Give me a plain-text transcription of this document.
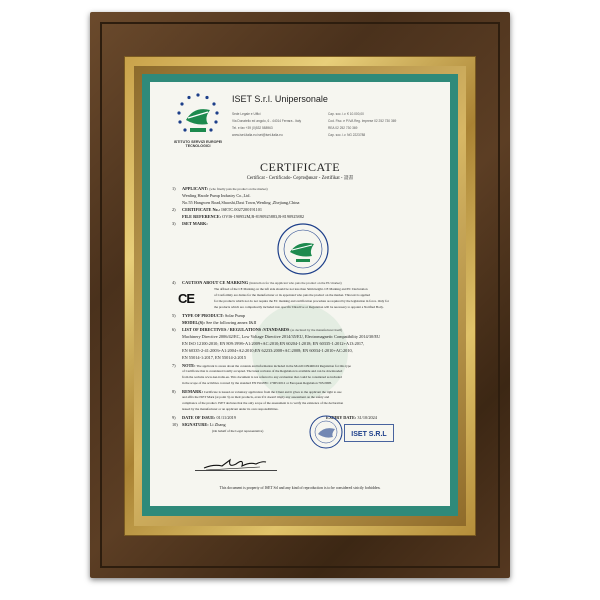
ISTITUTO SERVIZI EUROPEI TECNOLOGICI
ISET S.r.l. Unipersonale
Sede Legale e Uffici
Via Donatello ed angolo, 6 - 44014 Ferrara - Italy
Tel. e fax +39 (0)532 588963
www.iset-italia.eu iset@iset-italia.eu
Cap. soc. i.v. € 10.000,00
Cod. Fisc. e P.IVA Reg. Imprese 02 252 730 369
REA 02 252 730 369
Cap. soc. i.v. NG 2223788
CERTIFICATE
Certificat - Certificado- Сертификат - Zertifikat - 證書
1) APPLICANT: (who finally puts the product on the market)
Wenling Haode Pump Industry Co.,Ltd.
No.55 Hangwen Road,Shaoshi,Daxi Town,Wenling ,Zhejiang,China
2) CERTIFICATE No.: ISETC.0027200191101
FILE REFERENCE: OVIS-190952M,B-8190925883,B-8190925882
3) ISET MARK:
4) CAUTION ABOUT CE MARKING (Instruction for the Applicant who puts the product on the EU market)
CE
The affixed of the CE Marking on the left side should be not less than 5mm height. CE Marking and EC Declaration
of Conformity are duties for the manufacturer or its appointed who puts the product on the market. This text is applied
for the products which not do not require the EC marking and certification procedure as required by the legislation in force. Only for
the products which are compulsorily included into specific Directive or Regulation will be necessary to appoint a Notified Body.
5) TYPE OF PRODUCT: Solar Pump
MODEL(S): See the following annex I&II
6) LIST OF DIRECTIVES / REGULATIONS /STANDARDS (as declared by the manufacturer itself)
Machinery Directive 2006/42/EC, Low Voltage Directive 2014/35/EU, Electromagnetic Compatibility 2014/30/EU
EN ISO 12100:2010; EN 809:1998+A1:2009+AC:2010;EN 60204-1:2018; EN 60335-1:2012+A13:2017,
EN 60335-2-41:2003+A1:2004+A2:2010;EN 62233:2008+AC:2008; EN 60034-1:2010+AC:2010,
EN 55014-1:2017, EN 55014-2:2015
7) NOTE: The applicant is aware about the contents and information included in the Mod.ICON4R6.04 Regulation for this type
of Certificate that is considered totally accepted. The latest revision of the Regulation is available and can be downloaded
from the website www.iset-italia.eu. This document is not referred to any evaluation that could be considered as included
in the scope of the activities covered by the standard EN ISO/IEC 17065:2012 or European Regulation 765/2008.
8) REMARK: Certificate is issued on voluntary application from the Client and it gives to the applicant the right to use
and affix the ISET Mark (at point 3) on their products, even if it doesn't imply any assessment on the safety and
compliance of the product. ISET declares that the only scope of the assessment is to verify the existence of the declaration
issued by the manufacturer or an applicant under its own responsibilities.
9) DATE OF ISSUE: 01/11/2019	EXPIRY DATE: 31/10/2024
10) SIGNATURE: Li Zhang
(On behalf of the Legal representative)	ISET S.R.L
This document is property of ISET Srl and any kind of reproduction is to be considered strictly forbidden.
